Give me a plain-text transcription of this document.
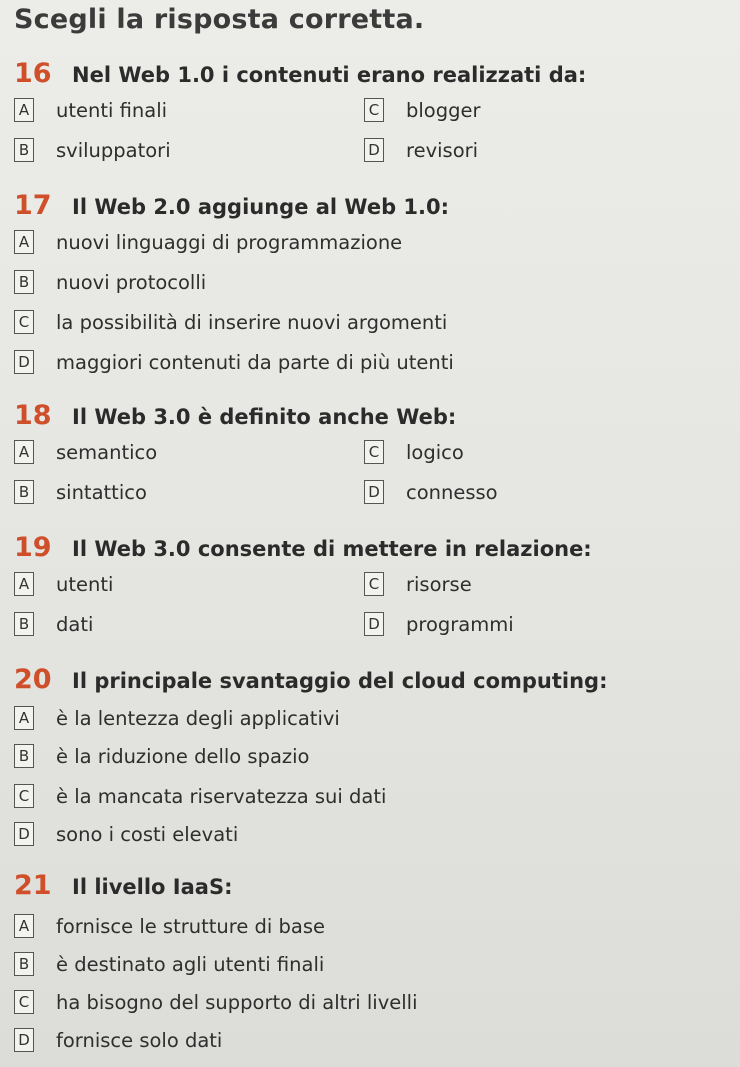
Scegli la risposta corretta.
16 Nel Web 1.0 i contenuti erano realizzati da:
A utenti finali
B sviluppatori
C blogger
D revisori
17 Il Web 2.0 aggiunge al Web 1.0:
A nuovi linguaggi di programmazione
B nuovi protocolli
C la possibilità di inserire nuovi argomenti
D maggiori contenuti da parte di più utenti
18 Il Web 3.0 è definito anche Web:
A semantico
B sintattico
C logico
D connesso
19 Il Web 3.0 consente di mettere in relazione:
A utenti
B dati
C risorse
D programmi
20 Il principale svantaggio del cloud computing:
A è la lentezza degli applicativi
B è la riduzione dello spazio
C è la mancata riservatezza sui dati
D sono i costi elevati
21 Il livello IaaS:
A fornisce le strutture di base
B è destinato agli utenti finali
C ha bisogno del supporto di altri livelli
D fornisce solo dati
